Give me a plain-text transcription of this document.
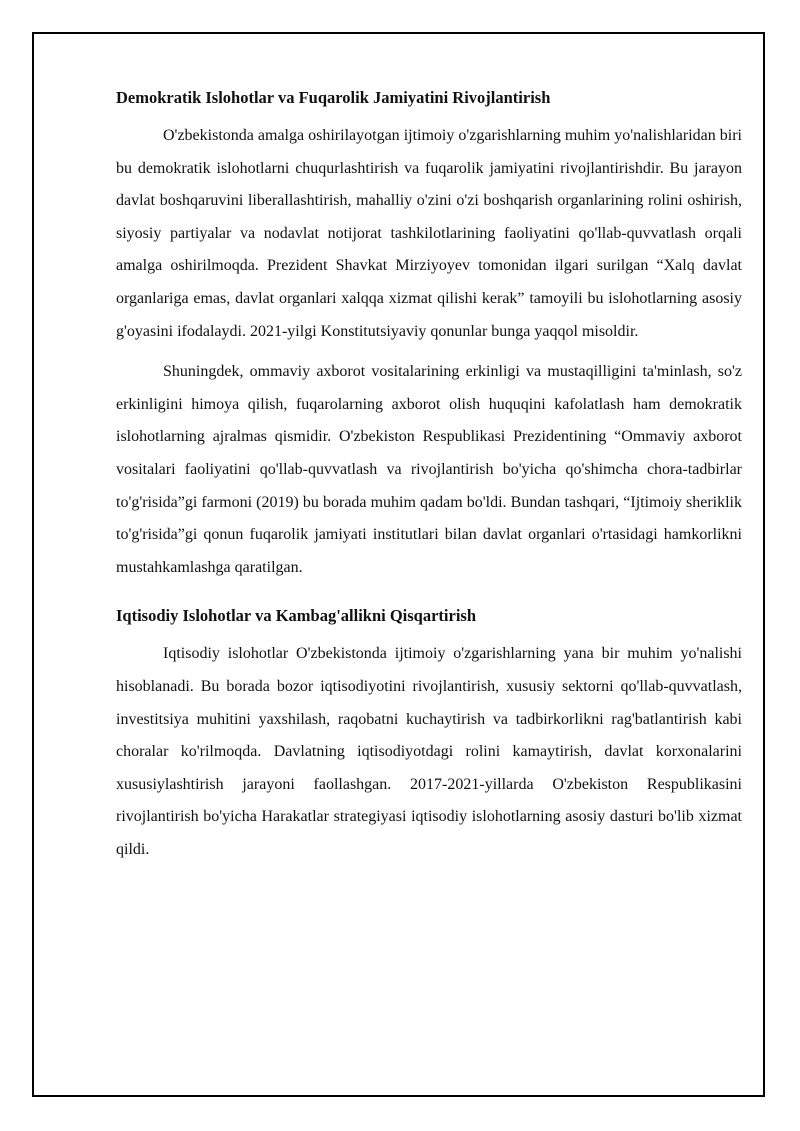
Demokratik Islohotlar va Fuqarolik Jamiyatini Rivojlantirish

O'zbekistonda amalga oshirilayotgan ijtimoiy o'zgarishlarning muhim yo'nalishlaridan biri bu demokratik islohotlarni chuqurlashtirish va fuqarolik jamiyatini rivojlantirishdir. Bu jarayon davlat boshqaruvini liberallashtirish, mahalliy o'zini o'zi boshqarish organlarining rolini oshirish, siyosiy partiyalar va nodavlat notijorat tashkilotlarining faoliyatini qo'llab-quvvatlash orqali amalga oshirilmoqda. Prezident Shavkat Mirziyoyev tomonidan ilgari surilgan “Xalq davlat organlariga emas, davlat organlari xalqqa xizmat qilishi kerak” tamoyili bu islohotlarning asosiy g'oyasini ifodalaydi. 2021-yilgi Konstitutsiyaviy qonunlar bunga yaqqol misoldir.

Shuningdek, ommaviy axborot vositalarining erkinligi va mustaqilligini ta'minlash, so'z erkinligini himoya qilish, fuqarolarning axborot olish huquqini kafolatlash ham demokratik islohotlarning ajralmas qismidir. O'zbekiston Respublikasi Prezidentining “Ommaviy axborot vositalari faoliyatini qo'llab-quvvatlash va rivojlantirish bo'yicha qo'shimcha chora-tadbirlar to'g'risida”gi farmoni (2019) bu borada muhim qadam bo'ldi. Bundan tashqari, “Ijtimoiy sheriklik to'g'risida”gi qonun fuqarolik jamiyati institutlari bilan davlat organlari o'rtasidagi hamkorlikni mustahkamlashga qaratilgan.

Iqtisodiy Islohotlar va Kambag'allikni Qisqartirish

Iqtisodiy islohotlar O'zbekistonda ijtimoiy o'zgarishlarning yana bir muhim yo'nalishi hisoblanadi. Bu borada bozor iqtisodiyotini rivojlantirish, xususiy sektorni qo'llab-quvvatlash, investitsiya muhitini yaxshilash, raqobatni kuchaytirish va tadbirkorlikni rag'batlantirish kabi choralar ko'rilmoqda. Davlatning iqtisodiyotdagi rolini kamaytirish, davlat korxonalarini xususiylashtirish jarayoni faollashgan. 2017-2021-yillarda O'zbekiston Respublikasini rivojlantirish bo'yicha Harakatlar strategiyasi iqtisodiy islohotlarning asosiy dasturi bo'lib xizmat qildi.
